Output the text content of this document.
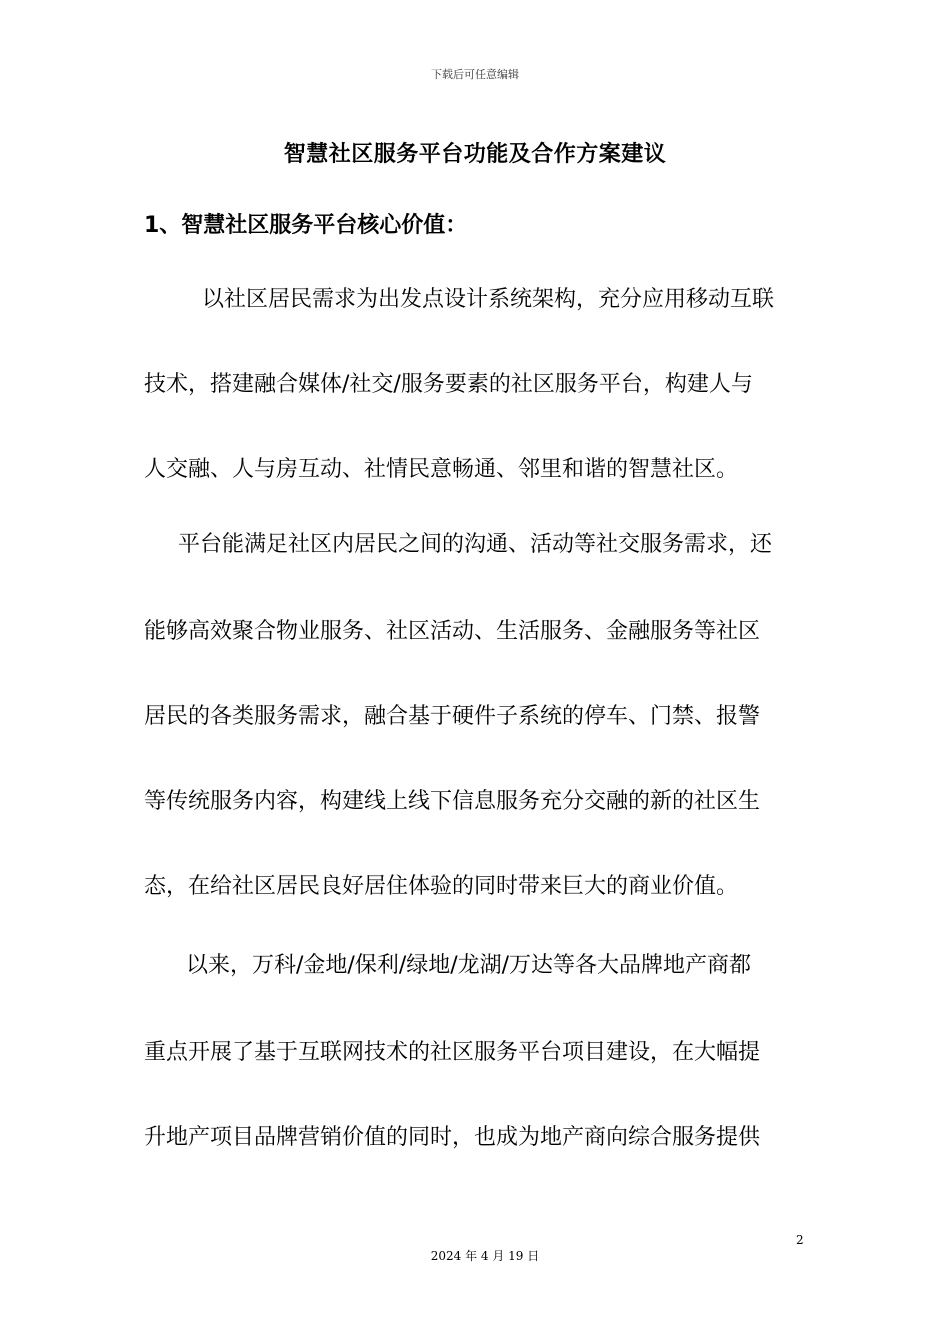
下载后可任意编辑
智慧社区服务平台功能及合作方案建议
1、智慧社区服务平台核心价值：
以社区居民需求为出发点设计系统架构，充分应用移动互联
技术，搭建融合媒体/社交/服务要素的社区服务平台，构建人与
人交融、人与房互动、社情民意畅通、邻里和谐的智慧社区。
平台能满足社区内居民之间的沟通、活动等社交服务需求，还
能够高效聚合物业服务、社区活动、生活服务、金融服务等社区
居民的各类服务需求，融合基于硬件子系统的停车、门禁、报警
等传统服务内容，构建线上线下信息服务充分交融的新的社区生
态，在给社区居民良好居住体验的同时带来巨大的商业价值。
以来，万科/金地/保利/绿地/龙湖/万达等各大品牌地产商都
重点开展了基于互联网技术的社区服务平台项目建设，在大幅提
升地产项目品牌营销价值的同时，也成为地产商向综合服务提供
2
2024 年 4 月 19 日
